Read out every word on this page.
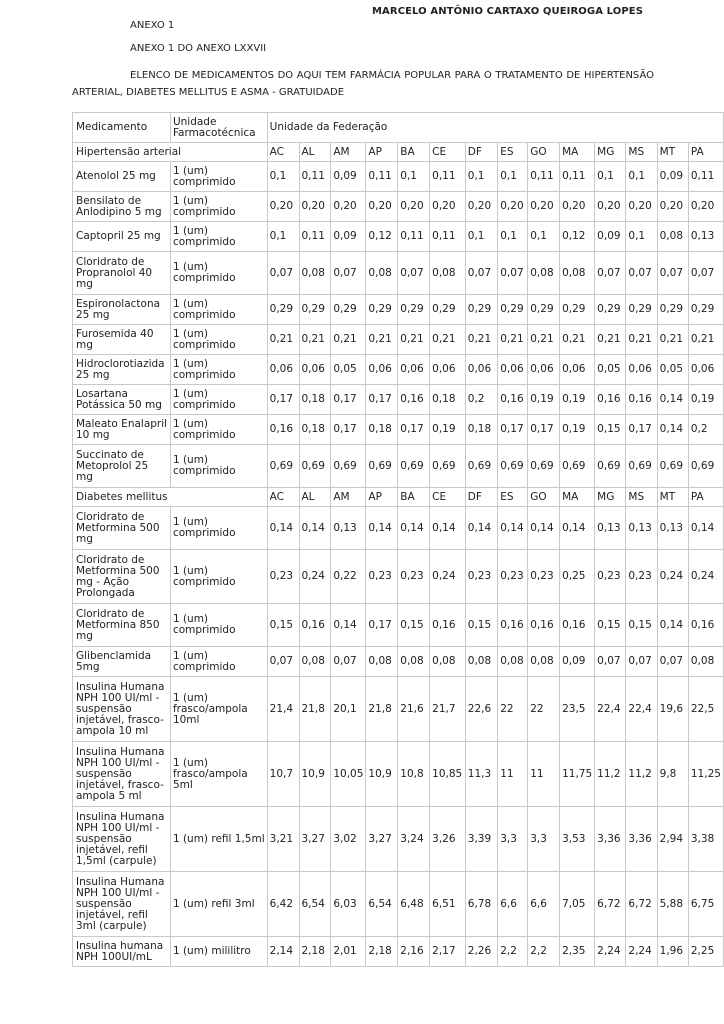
MARCELO ANTÔNIO CARTAXO QUEIROGA LOPES
ANEXO 1
ANEXO 1 DO ANEXO LXXVII
ELENCO DE MEDICAMENTOS DO AQUI TEM FARMÁCIA POPULAR PARA O TRATAMENTO DE HIPERTENSÃO ARTERIAL, DIABETES MELLITUS E ASMA - GRATUIDADE
Medicamento	Unidade Farmacotécnica	Unidade da Federação													
Hipertensão arterial		AC	AL	AM	AP	BA	CE	DF	ES	GO	MA	MG	MS	MT	PA
Atenolol 25 mg	1 (um) comprimido	0,1	0,11	0,09	0,11	0,1	0,11	0,1	0,1	0,11	0,11	0,1	0,1	0,09	0,11
Bensilato de Anlodipino 5 mg	1 (um) comprimido	0,20	0,20	0,20	0,20	0,20	0,20	0,20	0,20	0,20	0,20	0,20	0,20	0,20	0,20
Captopril 25 mg	1 (um) comprimido	0,1	0,11	0,09	0,12	0,11	0,11	0,1	0,1	0,1	0,12	0,09	0,1	0,08	0,13
Cloridrato de Propranolol 40 mg	1 (um) comprimido	0,07	0,08	0,07	0,08	0,07	0,08	0,07	0,07	0,08	0,08	0,07	0,07	0,07	0,07
Espironolactona 25 mg	1 (um) comprimido	0,29	0,29	0,29	0,29	0,29	0,29	0,29	0,29	0,29	0,29	0,29	0,29	0,29	0,29
Furosemida 40 mg	1 (um) comprimido	0,21	0,21	0,21	0,21	0,21	0,21	0,21	0,21	0,21	0,21	0,21	0,21	0,21	0,21
Hidroclorotiazida 25 mg	1 (um) comprimido	0,06	0,06	0,05	0,06	0,06	0,06	0,06	0,06	0,06	0,06	0,05	0,06	0,05	0,06
Losartana Potássica 50 mg	1 (um) comprimido	0,17	0,18	0,17	0,17	0,16	0,18	0,2	0,16	0,19	0,19	0,16	0,16	0,14	0,19
Maleato Enalapril 10 mg	1 (um) comprimido	0,16	0,18	0,17	0,18	0,17	0,19	0,18	0,17	0,17	0,19	0,15	0,17	0,14	0,2
Succinato de Metoprolol 25 mg	1 (um) comprimido	0,69	0,69	0,69	0,69	0,69	0,69	0,69	0,69	0,69	0,69	0,69	0,69	0,69	0,69
Diabetes mellitus		AC	AL	AM	AP	BA	CE	DF	ES	GO	MA	MG	MS	MT	PA
Cloridrato de Metformina 500 mg	1 (um) comprimido	0,14	0,14	0,13	0,14	0,14	0,14	0,14	0,14	0,14	0,14	0,13	0,13	0,13	0,14
Cloridrato de Metformina 500 mg - Ação Prolongada	1 (um) comprimido	0,23	0,24	0,22	0,23	0,23	0,24	0,23	0,23	0,23	0,25	0,23	0,23	0,24	0,24
Cloridrato de Metformina 850 mg	1 (um) comprimido	0,15	0,16	0,14	0,17	0,15	0,16	0,15	0,16	0,16	0,16	0,15	0,15	0,14	0,16
Glibenclamida 5mg	1 (um) comprimido	0,07	0,08	0,07	0,08	0,08	0,08	0,08	0,08	0,08	0,09	0,07	0,07	0,07	0,08
Insulina Humana NPH 100 UI/ml - suspensão injetável, frasco-ampola 10 ml	1 (um) frasco/ampola 10ml	21,4	21,8	20,1	21,8	21,6	21,7	22,6	22	22	23,5	22,4	22,4	19,6	22,5
Insulina Humana NPH 100 UI/ml - suspensão injetável, frasco-ampola 5 ml	1 (um) frasco/ampola 5ml	10,7	10,9	10,05	10,9	10,8	10,85	11,3	11	11	11,75	11,2	11,2	9,8	11,25
Insulina Humana NPH 100 UI/ml - suspensão injetável, refil 1,5ml (carpule)	1 (um) refil 1,5ml	3,21	3,27	3,02	3,27	3,24	3,26	3,39	3,3	3,3	3,53	3,36	3,36	2,94	3,38
Insulina Humana NPH 100 UI/ml - suspensão injetável, refil 3ml (carpule)	1 (um) refil 3ml	6,42	6,54	6,03	6,54	6,48	6,51	6,78	6,6	6,6	7,05	6,72	6,72	5,88	6,75
Insulina humana NPH 100UI/mL	1 (um) mililitro	2,14	2,18	2,01	2,18	2,16	2,17	2,26	2,2	2,2	2,35	2,24	2,24	1,96	2,25
